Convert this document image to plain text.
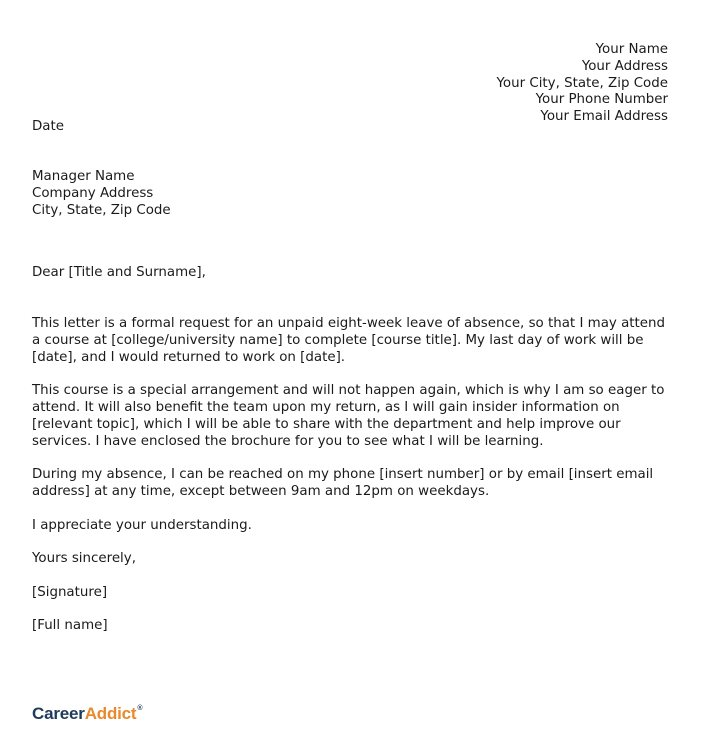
Your Name
Your Address
Your City, State, Zip Code
Your Phone Number
Your Email Address
Date
Manager Name
Company Address
City, State, Zip Code
Dear [Title and Surname],

This letter is a formal request for an unpaid eight-week leave of absence, so that I may attend a course at [college/university name] to complete [course title]. My last day of work will be [date], and I would returned to work on [date].

This course is a special arrangement and will not happen again, which is why I am so eager to attend. It will also benefit the team upon my return, as I will gain insider information on [relevant topic], which I will be able to share with the department and help improve our services. I have enclosed the brochure for you to see what I will be learning.

During my absence, I can be reached on my phone [insert number] or by email [insert email address] at any time, except between 9am and 12pm on weekdays.

I appreciate your understanding.

Yours sincerely,

[Signature]

[Full name]

CareerAddict®
